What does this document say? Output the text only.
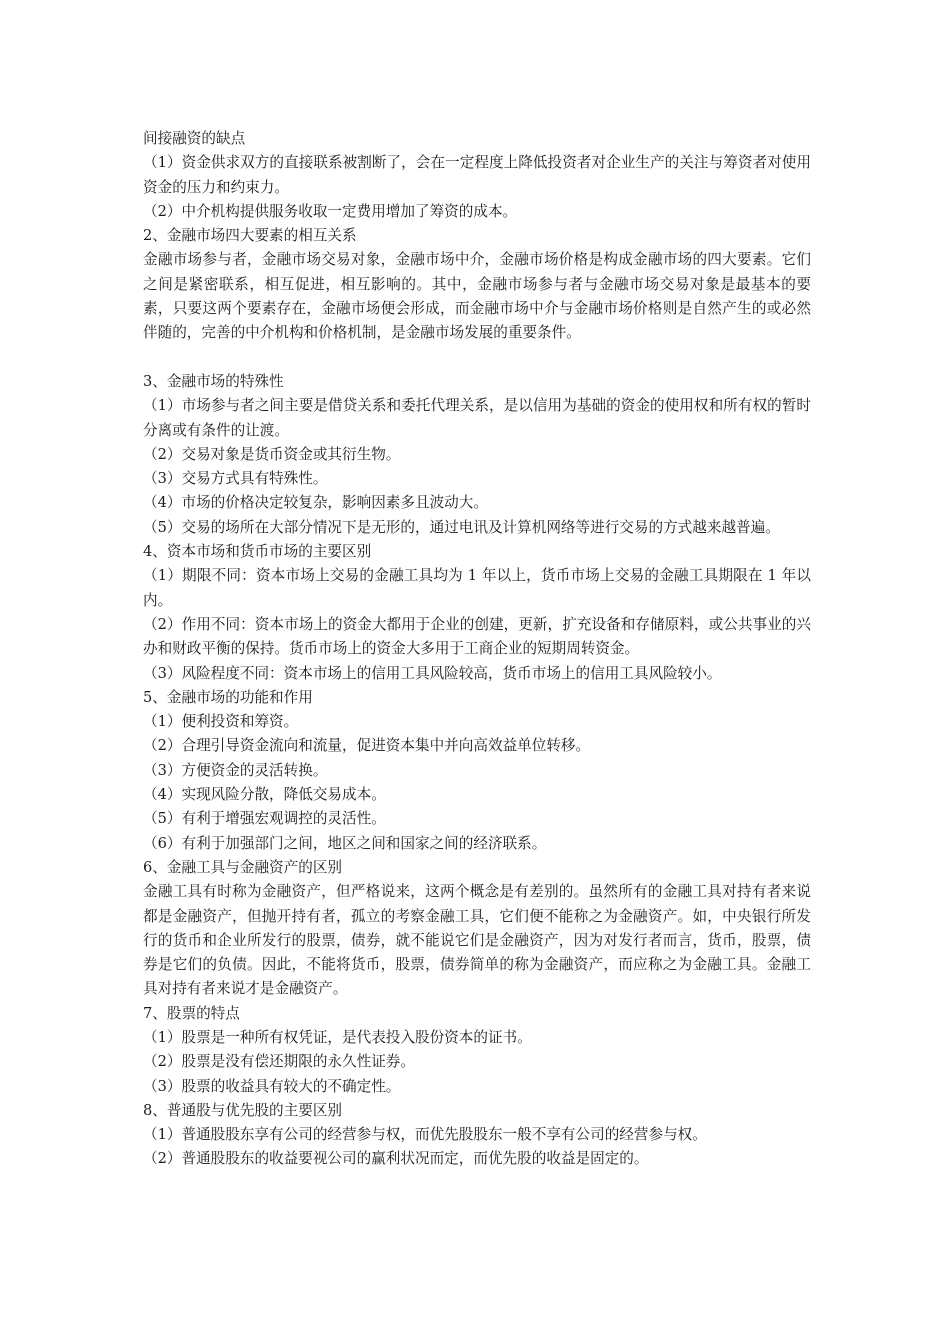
间接融资的缺点
（1）资金供求双方的直接联系被割断了，会在一定程度上降低投资者对企业生产的关注与筹资者对使用资金的压力和约束力。
（2）中介机构提供服务收取一定费用增加了筹资的成本。
2、金融市场四大要素的相互关系
金融市场参与者，金融市场交易对象，金融市场中介，金融市场价格是构成金融市场的四大要素。它们之间是紧密联系，相互促进，相互影响的。其中，金融市场参与者与金融市场交易对象是最基本的要素，只要这两个要素存在，金融市场便会形成，而金融市场中介与金融市场价格则是自然产生的或必然伴随的，完善的中介机构和价格机制，是金融市场发展的重要条件。
3、金融市场的特殊性
（1）市场参与者之间主要是借贷关系和委托代理关系，是以信用为基础的资金的使用权和所有权的暂时分离或有条件的让渡。
（2）交易对象是货币资金或其衍生物。
（3）交易方式具有特殊性。
（4）市场的价格决定较复杂，影响因素多且波动大。
（5）交易的场所在大部分情况下是无形的，通过电讯及计算机网络等进行交易的方式越来越普遍。
4、资本市场和货币市场的主要区别
（1）期限不同：资本市场上交易的金融工具均为 1 年以上，货币市场上交易的金融工具期限在 1 年以内。
（2）作用不同：资本市场上的资金大都用于企业的创建，更新，扩充设备和存储原料，或公共事业的兴办和财政平衡的保持。货币市场上的资金大多用于工商企业的短期周转资金。
（3）风险程度不同：资本市场上的信用工具风险较高，货币市场上的信用工具风险较小。
5、金融市场的功能和作用
（1）便利投资和筹资。
（2）合理引导资金流向和流量，促进资本集中并向高效益单位转移。
（3）方便资金的灵活转换。
（4）实现风险分散，降低交易成本。
（5）有利于增强宏观调控的灵活性。
（6）有利于加强部门之间，地区之间和国家之间的经济联系。
6、金融工具与金融资产的区别
金融工具有时称为金融资产，但严格说来，这两个概念是有差别的。虽然所有的金融工具对持有者来说都是金融资产，但抛开持有者，孤立的考察金融工具，它们便不能称之为金融资产。如，中央银行所发行的货币和企业所发行的股票，债券，就不能说它们是金融资产，因为对发行者而言，货币，股票，债券是它们的负债。因此，不能将货币，股票，债券简单的称为金融资产，而应称之为金融工具。金融工具对持有者来说才是金融资产。
7、股票的特点
（1）股票是一种所有权凭证，是代表投入股份资本的证书。
（2）股票是没有偿还期限的永久性证券。
（3）股票的收益具有较大的不确定性。
8、普通股与优先股的主要区别
（1）普通股股东享有公司的经营参与权，而优先股股东一般不享有公司的经营参与权。
（2）普通股股东的收益要视公司的赢利状况而定，而优先股的收益是固定的。
